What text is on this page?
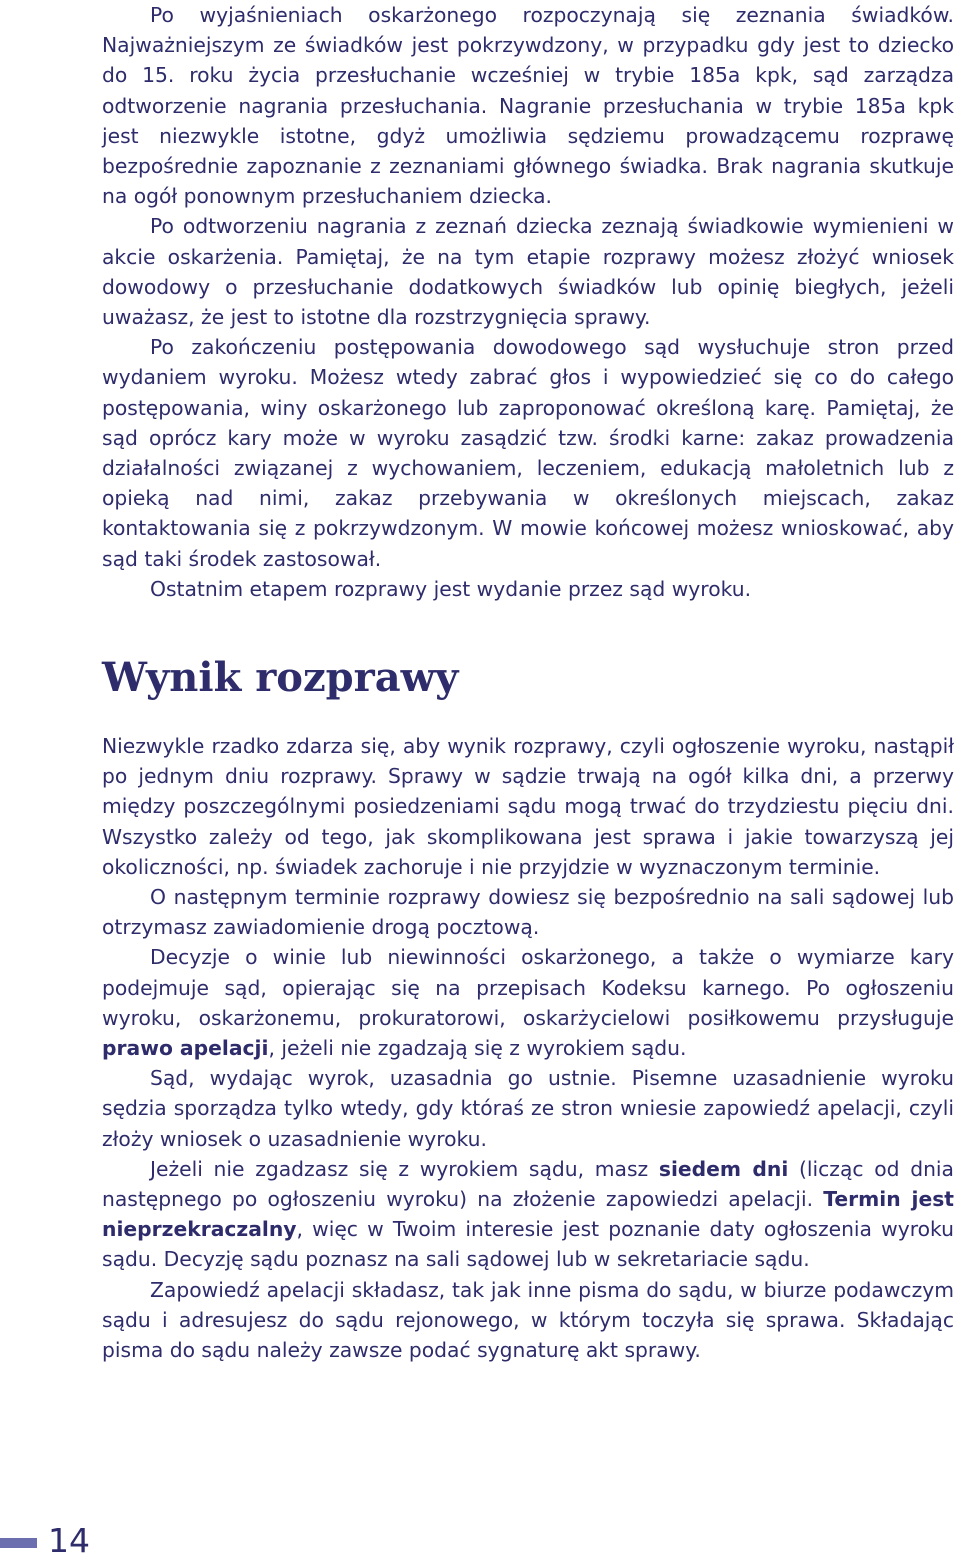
Po wyjaśnieniach oskarżonego rozpoczynają się zeznania świadków. Najważniejszym ze świadków jest pokrzywdzony, w przypadku gdy jest to dziecko do 15. roku życia przesłuchanie wcześniej w trybie 185a kpk, sąd zarządza odtworzenie nagrania przesłuchania. Nagranie przesłuchania w trybie 185a kpk jest niezwykle istotne, gdyż umożliwia sędziemu prowadzącemu rozprawę bezpośrednie zapoznanie z zeznaniami głównego świadka. Brak nagrania skutkuje na ogół ponownym przesłuchaniem dziecka.

Po odtworzeniu nagrania z zeznań dziecka zeznają świadkowie wymienieni w akcie oskarżenia. Pamiętaj, że na tym etapie rozprawy możesz złożyć wniosek dowodowy o przesłuchanie dodatkowych świadków lub opinię biegłych, jeżeli uważasz, że jest to istotne dla rozstrzygnięcia sprawy.

Po zakończeniu postępowania dowodowego sąd wysłuchuje stron przed wydaniem wyroku. Możesz wtedy zabrać głos i wypowiedzieć się co do całego postępowania, winy oskarżonego lub zaproponować określoną karę. Pamiętaj, że sąd oprócz kary może w wyroku zasądzić tzw. środki karne: zakaz prowadzenia działalności związanej z wychowaniem, leczeniem, edukacją małoletnich lub z opieką nad nimi, zakaz przebywania w określonych miejscach, zakaz kontaktowania się z pokrzywdzonym. W mowie końcowej możesz wnioskować, aby sąd taki środek zastosował.

Ostatnim etapem rozprawy jest wydanie przez sąd wyroku.

Wynik rozprawy

Niezwykle rzadko zdarza się, aby wynik rozprawy, czyli ogłoszenie wyroku, nastąpił po jednym dniu rozprawy. Sprawy w sądzie trwają na ogół kilka dni, a przerwy między poszczególnymi posiedzeniami sądu mogą trwać do trzydziestu pięciu dni. Wszystko zależy od tego, jak skomplikowana jest sprawa i jakie towarzyszą jej okoliczności, np. świadek zachoruje i nie przyjdzie w wyznaczonym terminie.

O następnym terminie rozprawy dowiesz się bezpośrednio na sali sądowej lub otrzymasz zawiadomienie drogą pocztową.

Decyzje o winie lub niewinności oskarżonego, a także o wymiarze kary podejmuje sąd, opierając się na przepisach Kodeksu karnego. Po ogłoszeniu wyroku, oskarżonemu, prokuratorowi, oskarżycielowi posiłkowemu przysługuje prawo apelacji, jeżeli nie zgadzają się z wyrokiem sądu.

Sąd, wydając wyrok, uzasadnia go ustnie. Pisemne uzasadnienie wyroku sędzia sporządza tylko wtedy, gdy któraś ze stron wniesie zapowiedź apelacji, czyli złoży wniosek o uzasadnienie wyroku.

Jeżeli nie zgadzasz się z wyrokiem sądu, masz siedem dni (licząc od dnia następnego po ogłoszeniu wyroku) na złożenie zapowiedzi apelacji. Termin jest nieprzekraczalny, więc w Twoim interesie jest poznanie daty ogłoszenia wyroku sądu. Decyzję sądu poznasz na sali sądowej lub w sekretariacie sądu.

Zapowiedź apelacji składasz, tak jak inne pisma do sądu, w biurze podawczym sądu i adresujesz do sądu rejonowego, w którym toczyła się sprawa. Składając pisma do sądu należy zawsze podać sygnaturę akt sprawy.

14
